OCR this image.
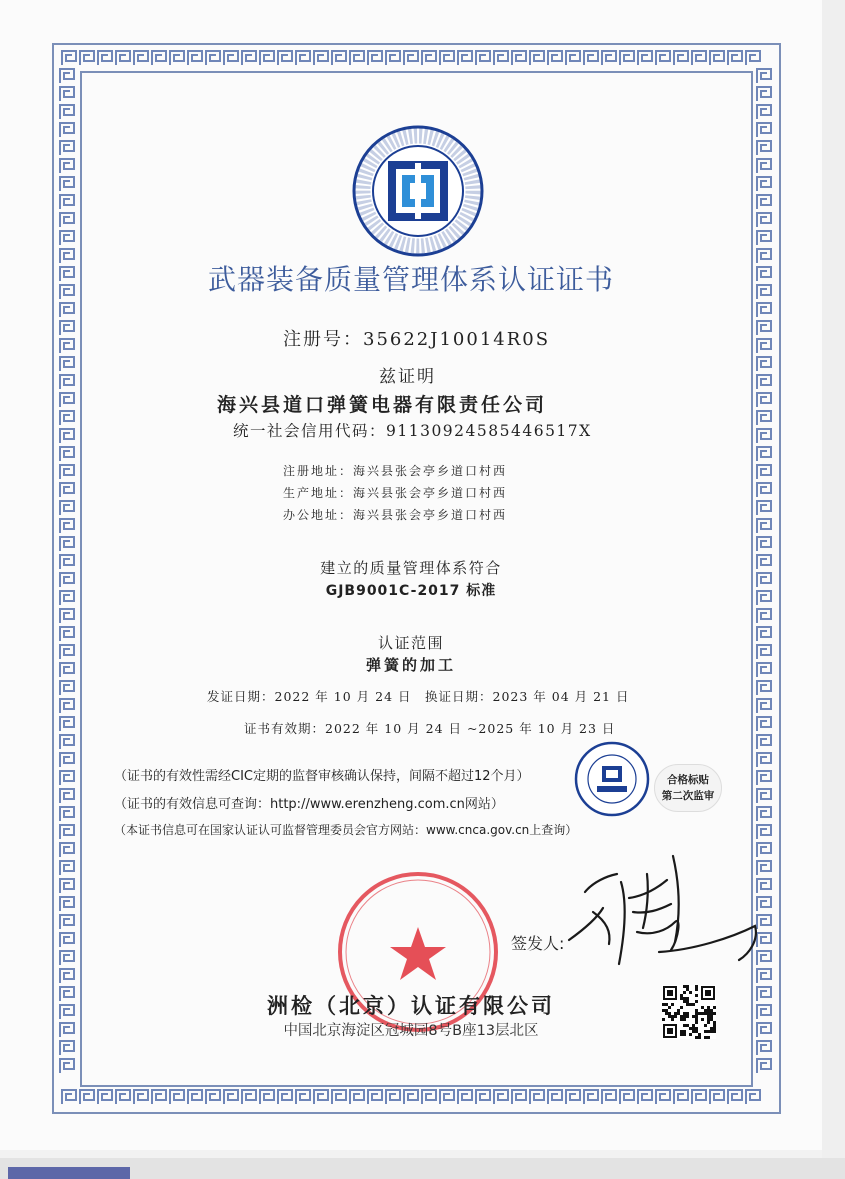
武器装备质量管理体系认证证书
注册号：35622J10014R0S
兹证明
海兴县道口弹簧电器有限责任公司
统一社会信用代码：91130924585446517X
注册地址：海兴县张会亭乡道口村西
生产地址：海兴县张会亭乡道口村西
办公地址：海兴县张会亭乡道口村西
建立的质量管理体系符合
GJB9001C-2017 标准
认证范围
弹簧的加工
发证日期：2022 年 10 月 24 日　换证日期：2023 年 04 月 21 日
证书有效期：2022 年 10 月 24 日 ~2025 年 10 月 23 日
（证书的有效性需经CIC定期的监督审核确认保持，间隔不超过12个月）
（证书的有效信息可查询：http://www.erenzheng.com.cn网站）
（本证书信息可在国家认证认可监督管理委员会官方网站：www.cnca.gov.cn上查询）
合格标贴
第二次监审
签发人:
洲检（北京）认证有限公司
中国北京海淀区冠城园8号B座13层北区
